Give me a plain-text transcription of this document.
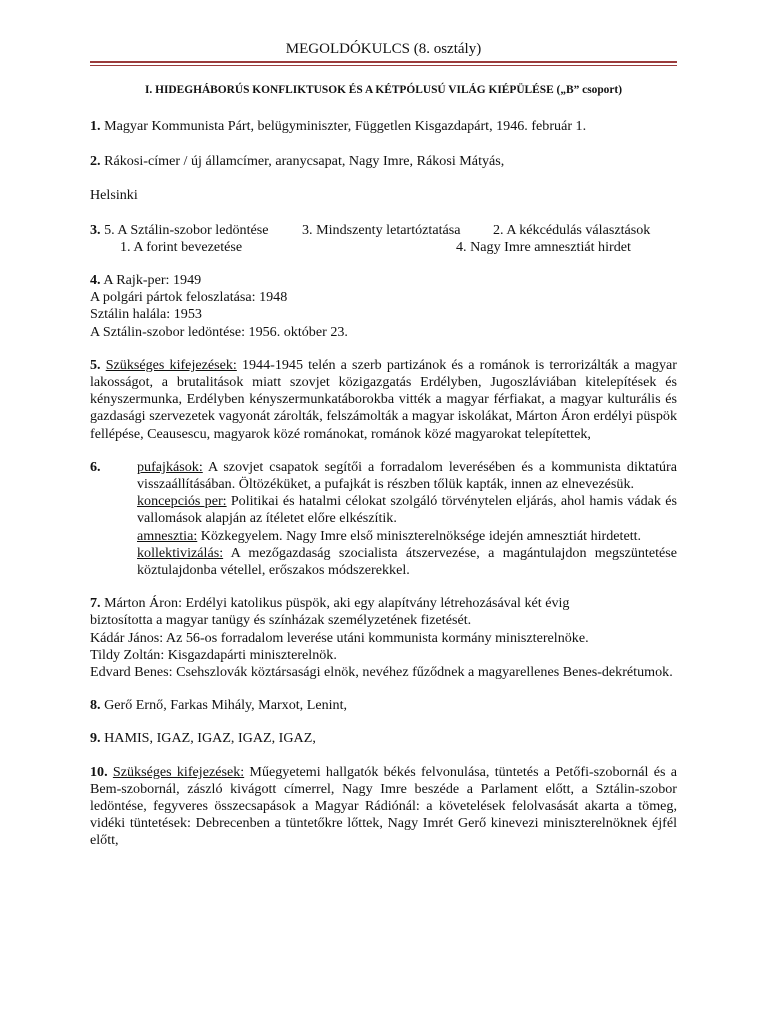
MEGOLDÓKULCS (8. osztály)

I. HIDEGHÁBORÚS KONFLIKTUSOK ÉS A KÉTPÓLUSÚ VILÁG KIÉPÜLÉSE („B” csoport)

1. Magyar Kommunista Párt, belügyminiszter, Független Kisgazdapárt, 1946. február 1.

2. Rákosi-címer / új államcímer, aranycsapat, Nagy Imre, Rákosi Mátyás,

Helsinki

3. 5. A Sztálin-szobor ledöntése 3. Mindszenty letartóztatása 2. A kékcédulás választások
1. A forint bevezetése	4. Nagy Imre amnesztiát hirdet

4. A Rajk-per: 1949

A polgári pártok feloszlatása: 1948

Sztálin halála: 1953

A Sztálin-szobor ledöntése: 1956. október 23.

5. Szükséges kifejezések: 1944-1945 telén a szerb partizánok és a románok is terrorizálták a magyar lakosságot, a brutalitások miatt szovjet közigazgatás Erdélyben, Jugoszláviában kitelepítések és kényszermunka, Erdélyben kényszermunkatáborokba vitték a magyar férfiakat, a magyar kulturális és gazdasági szervezetek vagyonát zárolták, felszámolták a magyar iskolákat, Márton Áron erdélyi püspök fellépése, Ceausescu, magyarok közé románokat, románok közé magyarokat telepítettek,

6.	pufajkások: A szovjet csapatok segítői a forradalom leverésében és a kommunista diktatúra visszaállításában. Öltözéküket, a pufajkát is részben tőlük kapták, innen az elnevezésük.

koncepciós per: Politikai és hatalmi célokat szolgáló törvénytelen eljárás, ahol hamis vádak és vallomások alapján az ítéletet előre elkészítik.

amnesztia: Közkegyelem. Nagy Imre első miniszterelnöksége idején amnesztiát hirdetett.

kollektivizálás: A mezőgazdaság szocialista átszervezése, a magántulajdon megszüntetése köztulajdonba vétellel, erőszakos módszerekkel.

7. Márton Áron: Erdélyi katolikus püspök, aki egy alapítvány létrehozásával két évig

biztosította a magyar tanügy és színházak személyzetének fizetését.

Kádár János: Az 56-os forradalom leverése utáni kommunista kormány miniszterelnöke.

Tildy Zoltán: Kisgazdapárti miniszterelnök.

Edvard Benes: Csehszlovák köztársasági elnök, nevéhez fűződnek a magyarellenes Benes-dekrétumok.

8. Gerő Ernő, Farkas Mihály, Marxot, Lenint,

9. HAMIS, IGAZ, IGAZ, IGAZ, IGAZ,

10. Szükséges kifejezések: Műegyetemi hallgatók békés felvonulása, tüntetés a Petőfi-szobornál és a Bem-szobornál, zászló kivágott címerrel, Nagy Imre beszéde a Parlament előtt, a Sztálin-szobor ledöntése, fegyveres összecsapások a Magyar Rádiónál: a követelések felolvasását akarta a tömeg, vidéki tüntetések: Debrecenben a tüntetőkre lőttek, Nagy Imrét Gerő kinevezi miniszterelnöknek éjfél előtt,
